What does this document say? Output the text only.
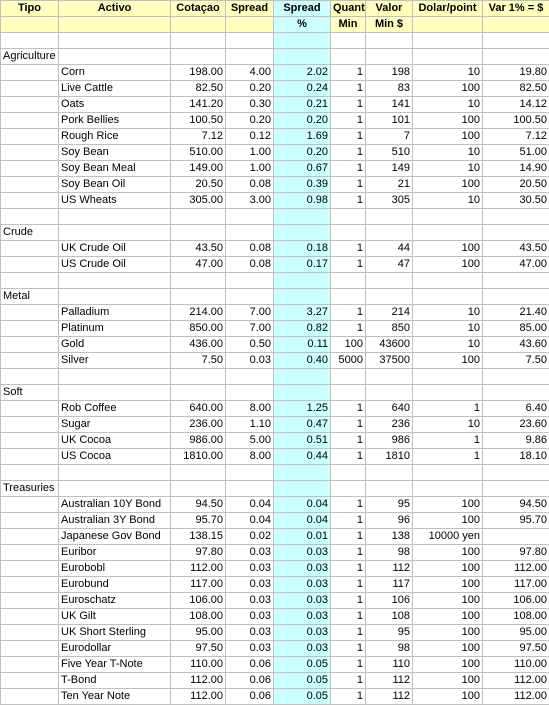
Tipo	Activo	Cotaçao	Spread	Spread	Quant	Valor	Dolar/point	Var 1% = $
				%	Min	Min $		

Agriculture								
	Corn	198.00	4.00	2.02	1	198	10	19.80
	Live Cattle	82.50	0.20	0.24	1	83	100	82.50
	Oats	141.20	0.30	0.21	1	141	10	14.12
	Pork Bellies	100.50	0.20	0.20	1	101	100	100.50
	Rough Rice	7.12	0.12	1.69	1	7	100	7.12
	Soy Bean	510.00	1.00	0.20	1	510	10	51.00
	Soy Bean Meal	149.00	1.00	0.67	1	149	10	14.90
	Soy Bean Oil	20.50	0.08	0.39	1	21	100	20.50
	US Wheats	305.00	3.00	0.98	1	305	10	30.50

Crude								
	UK Crude Oil	43.50	0.08	0.18	1	44	100	43.50
	US Crude Oil	47.00	0.08	0.17	1	47	100	47.00

Metal								
	Palladium	214.00	7.00	3.27	1	214	10	21.40
	Platinum	850.00	7.00	0.82	1	850	10	85.00
	Gold	436.00	0.50	0.11	100	43600	10	43.60
	Silver	7.50	0.03	0.40	5000	37500	100	7.50

Soft								
	Rob Coffee	640.00	8.00	1.25	1	640	1	6.40
	Sugar	236.00	1.10	0.47	1	236	10	23.60
	UK Cocoa	986.00	5.00	0.51	1	986	1	9.86
	US Cocoa	1810.00	8.00	0.44	1	1810	1	18.10

Treasuries								
	Australian 10Y Bond	94.50	0.04	0.04	1	95	100	94.50
	Australian 3Y Bond	95.70	0.04	0.04	1	96	100	95.70
	Japanese Gov Bond	138.15	0.02	0.01	1	138	10000 yen	
	Euribor	97.80	0.03	0.03	1	98	100	97.80
	Eurobobl	112.00	0.03	0.03	1	112	100	112.00
	Eurobund	117.00	0.03	0.03	1	117	100	117.00
	Euroschatz	106.00	0.03	0.03	1	106	100	106.00
	UK Gilt	108.00	0.03	0.03	1	108	100	108.00
	UK Short Sterling	95.00	0.03	0.03	1	95	100	95.00
	Eurodollar	97.50	0.03	0.03	1	98	100	97.50
	Five Year T-Note	110.00	0.06	0.05	1	110	100	110.00
	T-Bond	112.00	0.06	0.05	1	112	100	112.00
	Ten Year Note	112.00	0.06	0.05	1	112	100	112.00
